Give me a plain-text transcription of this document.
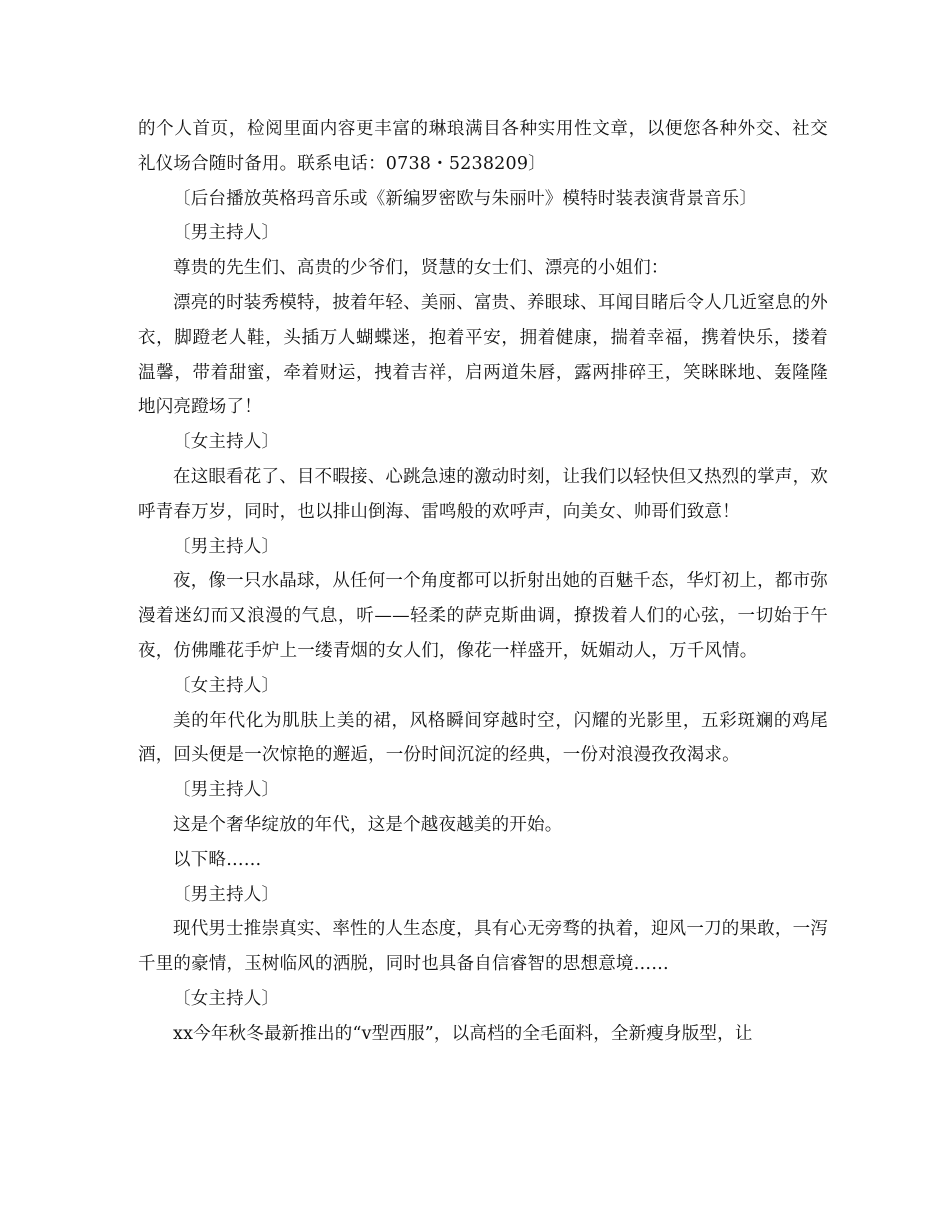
的个人首页，检阅里面内容更丰富的琳琅满目各种实用性文章，以便您各种外交、社交礼仪场合随时备用。联系电话：0738・5238209〕

〔后台播放英格玛音乐或《新编罗密欧与朱丽叶》模特时装表演背景音乐〕

〔男主持人〕

尊贵的先生们、高贵的少爷们，贤慧的女士们、漂亮的小姐们：

漂亮的时装秀模特，披着年轻、美丽、富贵、养眼球、耳闻目睹后令人几近窒息的外衣，脚蹬老人鞋，头插万人蝴蝶迷，抱着平安，拥着健康，揣着幸福，携着快乐，搂着温馨，带着甜蜜，牵着财运，拽着吉祥，启两道朱唇，露两排碎王，笑眯眯地、轰隆隆地闪亮蹬场了！

〔女主持人〕

在这眼看花了、目不暇接、心跳急速的激动时刻，让我们以轻快但又热烈的掌声，欢呼青春万岁，同时，也以排山倒海、雷鸣般的欢呼声，向美女、帅哥们致意！

〔男主持人〕

夜，像一只水晶球，从任何一个角度都可以折射出她的百魅千态，华灯初上，都市弥漫着迷幻而又浪漫的气息，听——轻柔的萨克斯曲调，撩拨着人们的心弦，一切始于午夜，仿佛雕花手炉上一缕青烟的女人们，像花一样盛开，妩媚动人，万千风情。

〔女主持人〕

美的年代化为肌肤上美的裙，风格瞬间穿越时空，闪耀的光影里，五彩斑斓的鸡尾酒，回头便是一次惊艳的邂逅，一份时间沉淀的经典，一份对浪漫孜孜渴求。

〔男主持人〕

这是个奢华绽放的年代，这是个越夜越美的开始。

以下略……

〔男主持人〕

现代男士推崇真实、率性的人生态度，具有心无旁骛的执着，迎风一刀的果敢，一泻千里的豪情，玉树临风的洒脱，同时也具备自信睿智的思想意境……

〔女主持人〕

xx今年秋冬最新推出的“v型西服”，以高档的全毛面料，全新瘦身版型，让
